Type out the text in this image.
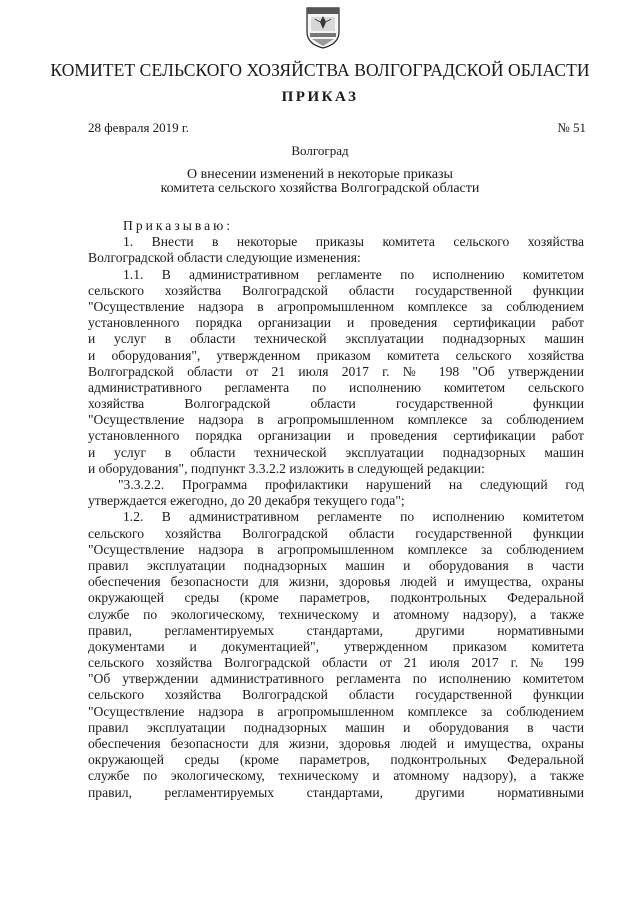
КОМИТЕТ СЕЛЬСКОГО ХОЗЯЙСТВА ВОЛГОГРАДСКОЙ ОБЛАСТИ
ПРИКАЗ
28 февраля 2019 г.	№ 51
Волгоград
О внесении изменений в некоторые приказы
комитета сельского хозяйства Волгоградской области
Приказываю:
1. Внести в некоторые приказы комитета сельского хозяйства
Волгоградской области следующие изменения:
1.1. В административном регламенте по исполнению комитетом
сельского хозяйства Волгоградской области государственной функции
"Осуществление надзора в агропромышленном комплексе за соблюдением
установленного порядка организации и проведения сертификации работ
и услуг в области технической эксплуатации поднадзорных машин
и оборудования", утвержденном приказом комитета сельского хозяйства
Волгоградской области от 21 июля 2017 г. № 198 "Об утверждении
административного регламента по исполнению комитетом сельского
хозяйства Волгоградской области государственной функции
"Осуществление надзора в агропромышленном комплексе за соблюдением
установленного порядка организации и проведения сертификации работ
и услуг в области технической эксплуатации поднадзорных машин
и оборудования", подпункт 3.3.2.2 изложить в следующей редакции:
"3.3.2.2. Программа профилактики нарушений на следующий год
утверждается ежегодно, до 20 декабря текущего года";
1.2. В административном регламенте по исполнению комитетом
сельского хозяйства Волгоградской области государственной функции
"Осуществление надзора в агропромышленном комплексе за соблюдением
правил эксплуатации поднадзорных машин и оборудования в части
обеспечения безопасности для жизни, здоровья людей и имущества, охраны
окружающей среды (кроме параметров, подконтрольных Федеральной
службе по экологическому, техническому и атомному надзору), а также
правил, регламентируемых стандартами, другими нормативными
документами и документацией", утвержденном приказом комитета
сельского хозяйства Волгоградской области от 21 июля 2017 г. № 199
"Об утверждении административного регламента по исполнению комитетом
сельского хозяйства Волгоградской области государственной функции
"Осуществление надзора в агропромышленном комплексе за соблюдением
правил эксплуатации поднадзорных машин и оборудования в части
обеспечения безопасности для жизни, здоровья людей и имущества, охраны
окружающей среды (кроме параметров, подконтрольных Федеральной
службе по экологическому, техническому и атомному надзору), а также
правил, регламентируемых стандартами, другими нормативными
